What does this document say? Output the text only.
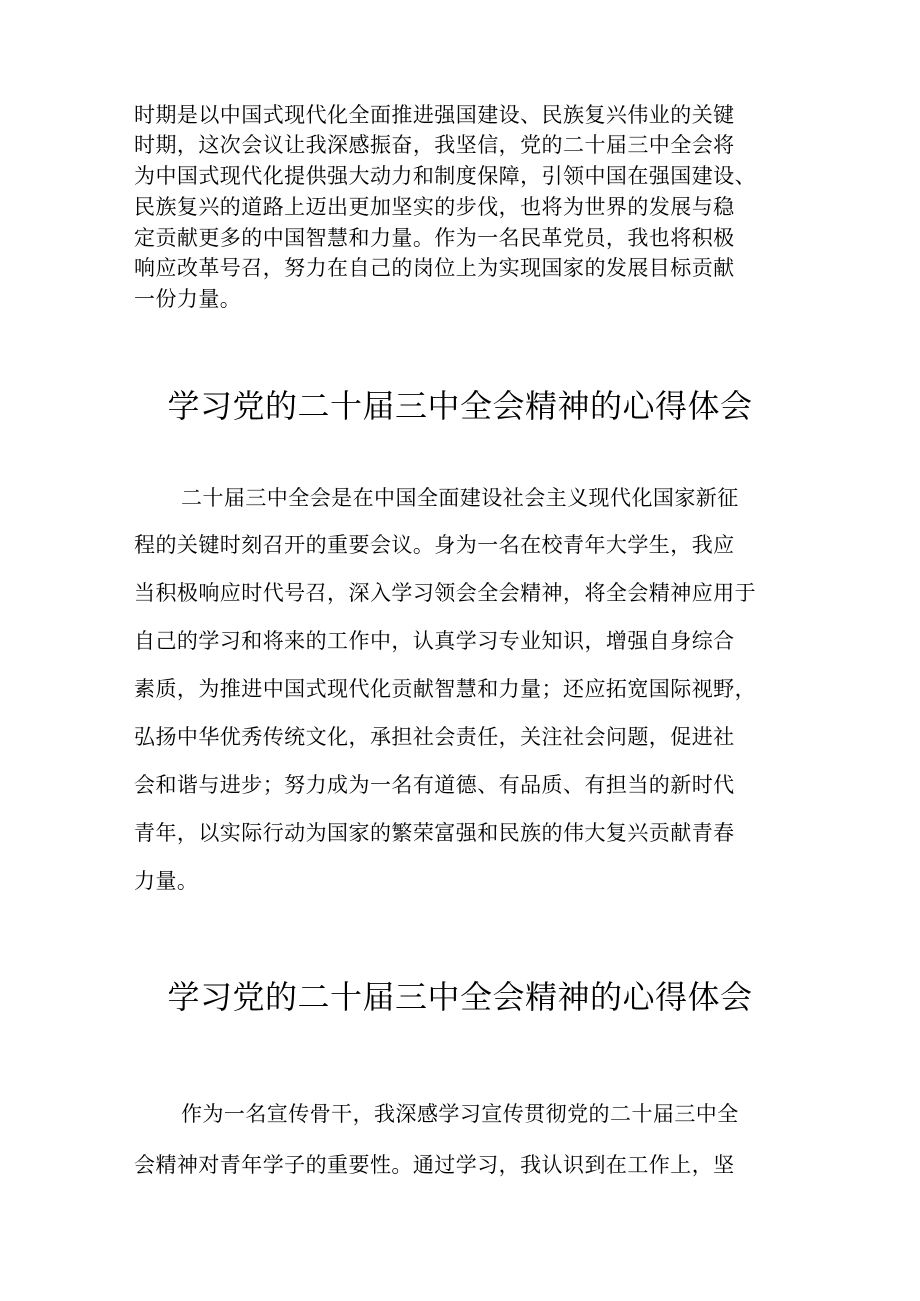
时期是以中国式现代化全面推进强国建设、民族复兴伟业的关键
时期，这次会议让我深感振奋，我坚信，党的二十届三中全会将
为中国式现代化提供强大动力和制度保障，引领中国在强国建设、
民族复兴的道路上迈出更加坚实的步伐，也将为世界的发展与稳
定贡献更多的中国智慧和力量。作为一名民革党员，我也将积极
响应改革号召，努力在自己的岗位上为实现国家的发展目标贡献
一份力量。
学习党的二十届三中全会精神的心得体会
二十届三中全会是在中国全面建设社会主义现代化国家新征
程的关键时刻召开的重要会议。身为一名在校青年大学生，我应
当积极响应时代号召，深入学习领会全会精神，将全会精神应用于
自己的学习和将来的工作中，认真学习专业知识，增强自身综合
素质，为推进中国式现代化贡献智慧和力量；还应拓宽国际视野，
弘扬中华优秀传统文化，承担社会责任，关注社会问题，促进社
会和谐与进步；努力成为一名有道德、有品质、有担当的新时代
青年，以实际行动为国家的繁荣富强和民族的伟大复兴贡献青春
力量。
学习党的二十届三中全会精神的心得体会
作为一名宣传骨干，我深感学习宣传贯彻党的二十届三中全
会精神对青年学子的重要性。通过学习，我认识到在工作上，坚
